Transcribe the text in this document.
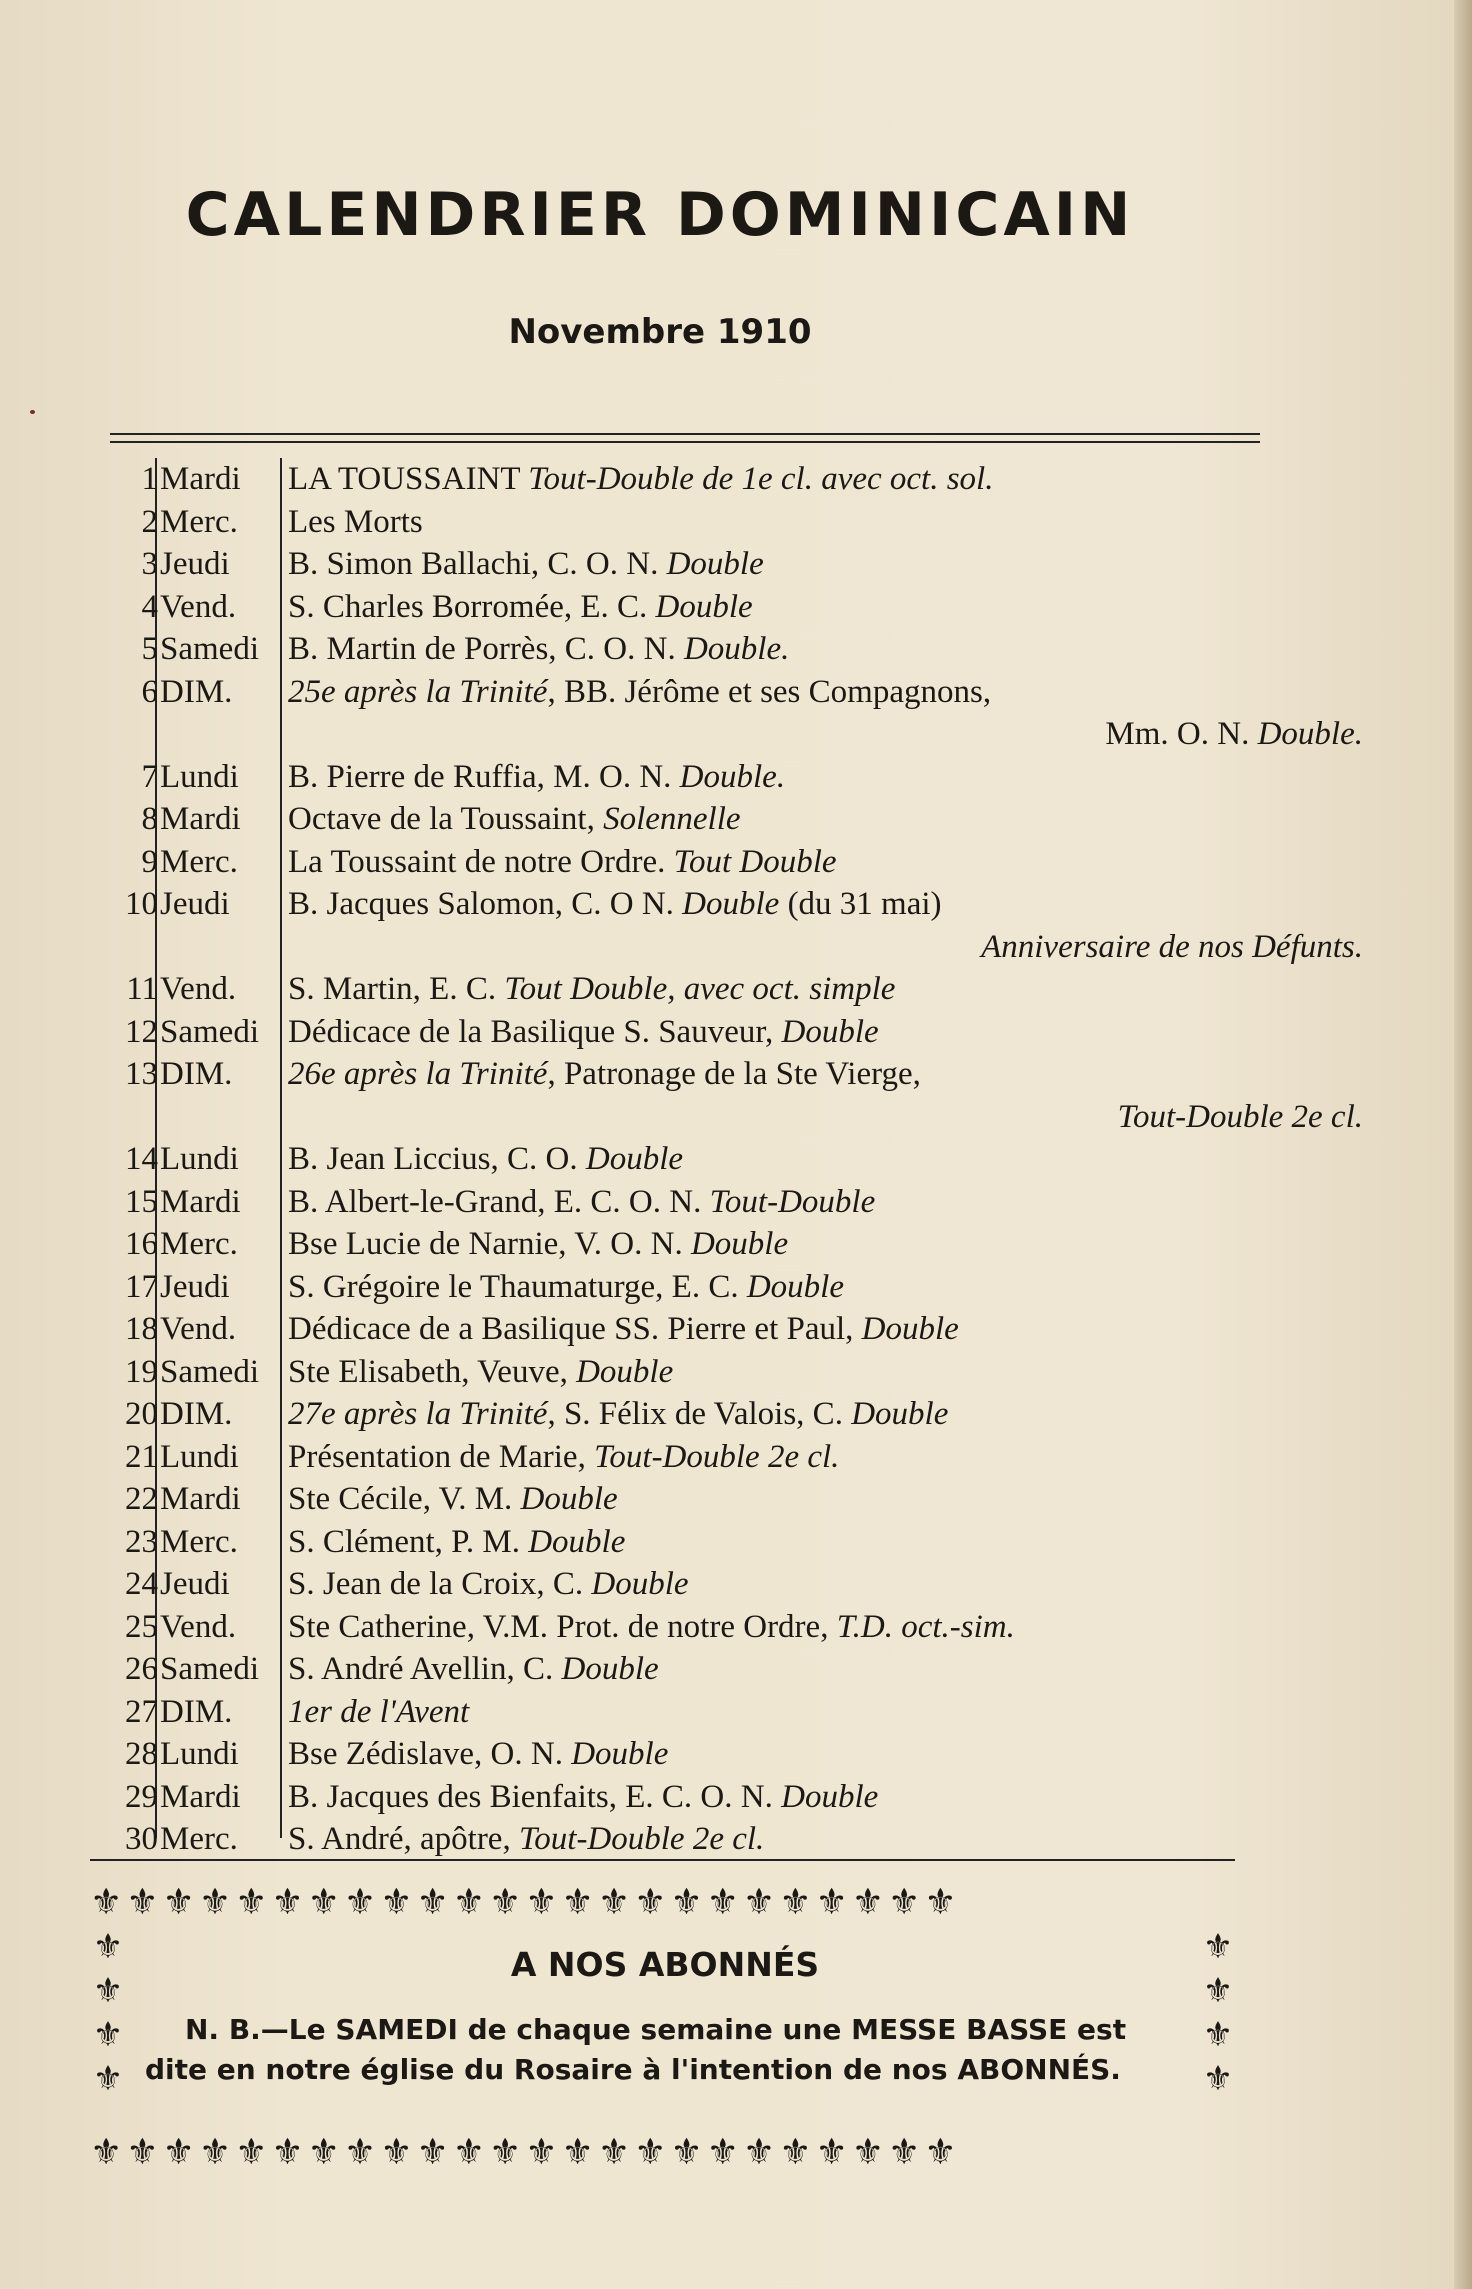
CALENDRIER DOMINICAIN
Novembre 1910
1 Mardi	LA TOUSSAINT Tout-Double de 1e cl. avec oct. sol.
2 Merc.	Les Morts
3 Jeudi	B. Simon Ballachi, C. O. N. Double
4 Vend.	S. Charles Borromée, E. C. Double
5 Samedi B. Martin de Porrès, C. O. N. Double.
6 DIM.	25e après la Trinité, BB. Jérôme et ses Compagnons,
Mm. O. N. Double.
7 Lundi	B. Pierre de Ruffia, M. O. N. Double.
8 Mardi	Octave de la Toussaint, Solennelle
9 Merc.	La Toussaint de notre Ordre. Tout Double
10 Jeudi	B. Jacques Salomon, C. O N. Double (du 31 mai)
Anniversaire de nos Défunts.
11 Vend.	S. Martin, E. C. Tout Double, avec oct. simple
12 Samedi Dédicace de la Basilique S. Sauveur, Double
13 DIM.	26e après la Trinité, Patronage de la Ste Vierge,
Tout-Double 2e cl.
14 Lundi	B. Jean Liccius, C. O. Double
15 Mardi	B. Albert-le-Grand, E. C. O. N. Tout-Double
16 Merc.	Bse Lucie de Narnie, V. O. N. Double
17 Jeudi	S. Grégoire le Thaumaturge, E. C. Double
18 Vend.	Dédicace de a Basilique SS. Pierre et Paul, Double
19 Samedi Ste Elisabeth, Veuve, Double
20 DIM.	27e après la Trinité, S. Félix de Valois, C. Double
21 Lundi	Présentation de Marie, Tout-Double 2e cl.
22 Mardi	Ste Cécile, V. M. Double
23 Merc.	S. Clément, P. M. Double
24 Jeudi	S. Jean de la Croix, C. Double
25 Vend.	Ste Catherine, V.M. Prot. de notre Ordre, T.D. oct.-sim.
26 Samedi S. André Avellin, C. Double
27 DIM.	1er de l'Avent
28 Lundi	Bse Zédislave, O. N. Double
29 Mardi	B. Jacques des Bienfaits, E. C. O. N. Double
30 Merc.	S. André, apôtre, Tout-Double 2e cl.
⚜⚜⚜⚜⚜⚜⚜⚜⚜⚜⚜⚜⚜⚜⚜⚜⚜⚜⚜⚜⚜⚜⚜⚜
⚜
⚜
⚜
⚜
⚜
⚜
⚜
⚜
A NOS ABONNÉS

N. B.—Le SAMEDI de chaque semaine une MESSE BASSE est dite en notre église du Rosaire à l'intention de nos ABONNÉS.

⚜⚜⚜⚜⚜⚜⚜⚜⚜⚜⚜⚜⚜⚜⚜⚜⚜⚜⚜⚜⚜⚜⚜⚜
